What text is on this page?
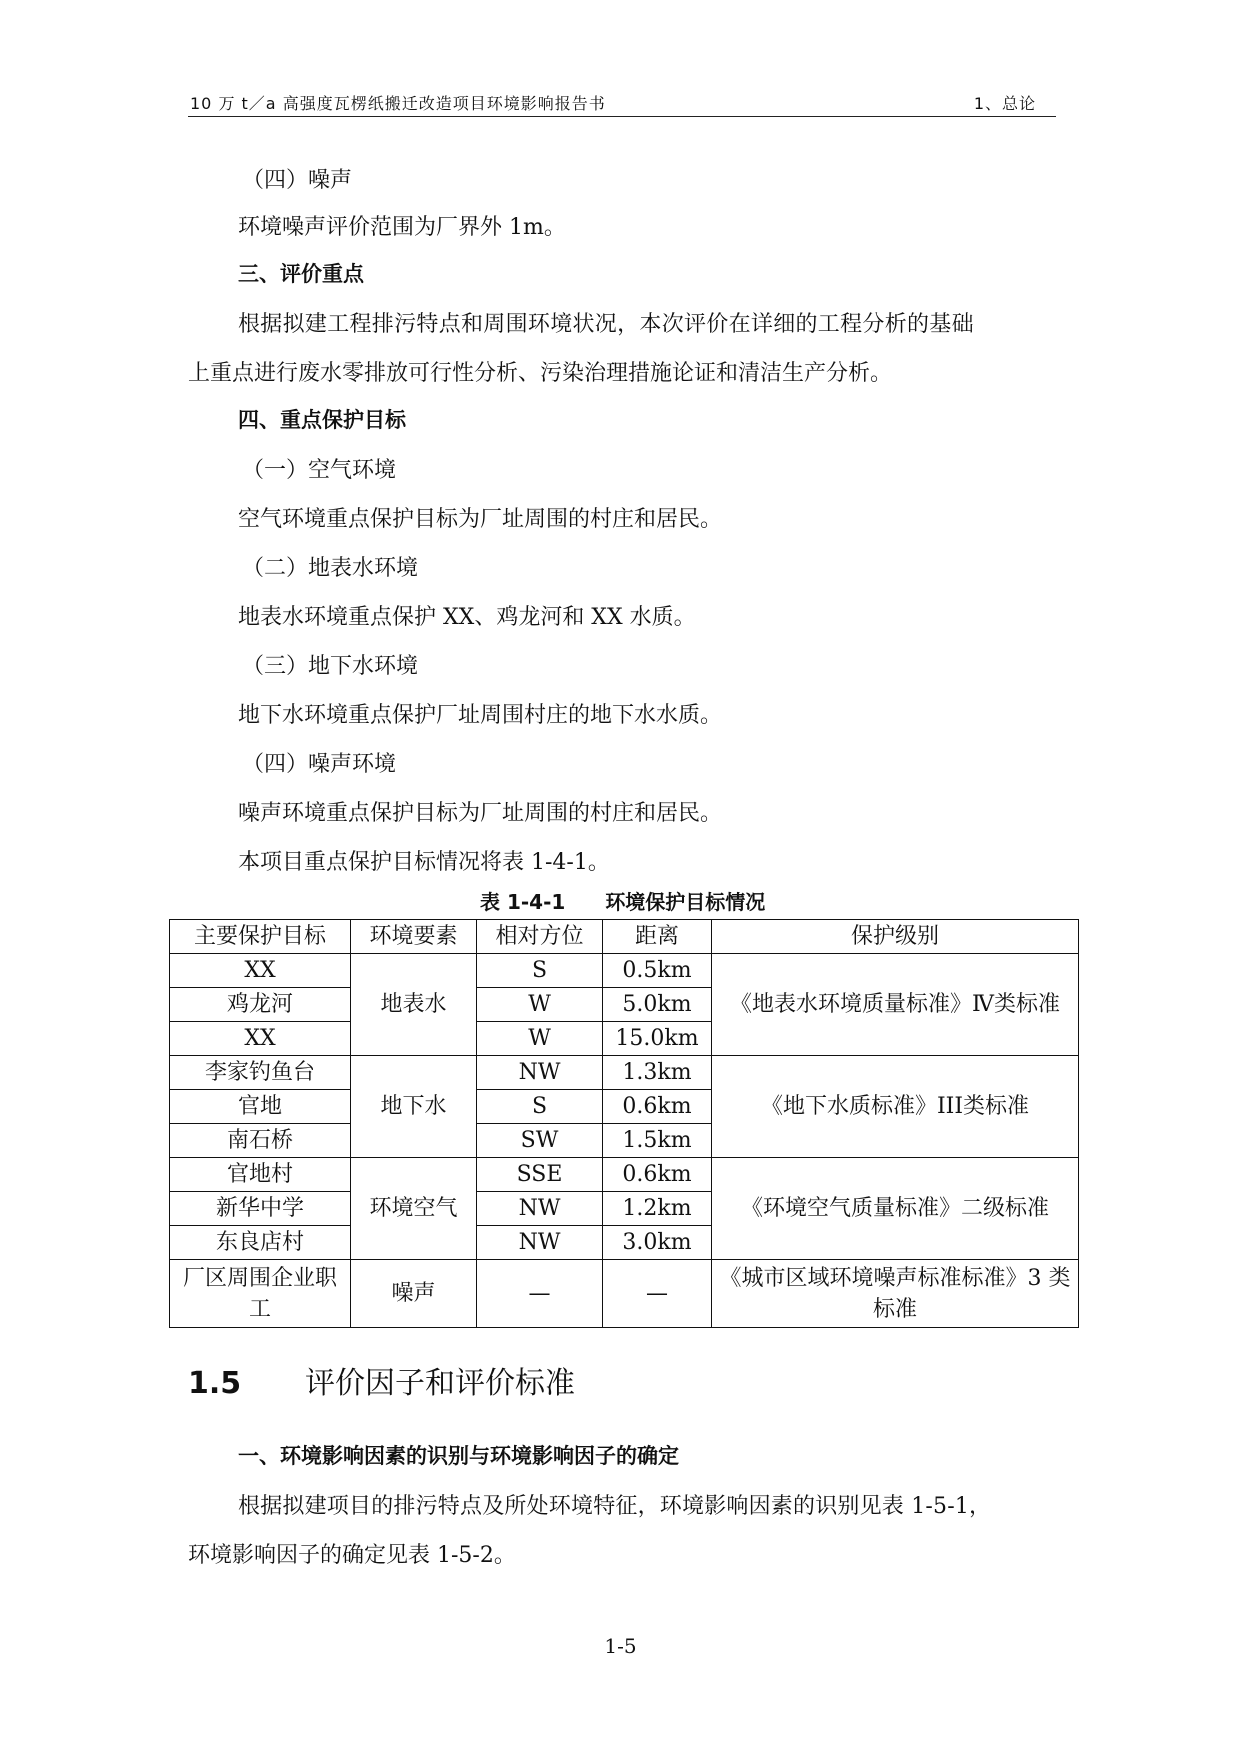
10 万 t／a 高强度瓦楞纸搬迁改造项目环境影响报告书	1、总论
（四）噪声
环境噪声评价范围为厂界外 1m。
三、评价重点
根据拟建工程排污特点和周围环境状况，本次评价在详细的工程分析的基础
上重点进行废水零排放可行性分析、污染治理措施论证和清洁生产分析。
四、重点保护目标
（一）空气环境
空气环境重点保护目标为厂址周围的村庄和居民。
（二）地表水环境
地表水环境重点保护 XX、鸡龙河和 XX 水质。
（三）地下水环境
地下水环境重点保护厂址周围村庄的地下水水质。
（四）噪声环境
噪声环境重点保护目标为厂址周围的村庄和居民。
本项目重点保护目标情况将表 1-4-1。
表 1-4-1 环境保护目标情况
主要保护目标	环境要素	相对方位	距离	保护级别
XX	地表水	S	0.5km	《地表水环境质量标准》Ⅳ类标准
鸡龙河		W	5.0km	
XX		W	15.0km	
李家钓鱼台	地下水	NW	1.3km	《地下水质标准》III类标准
官地		S	0.6km	
南石桥		SW	1.5km	
官地村	环境空气	SSE	0.6km	《环境空气质量标准》二级标准
新华中学		NW	1.2km	
东良店村		NW	3.0km	
厂区周围企业职工	噪声	—	—	《城市区域环境噪声标准标准》3 类标准
1.5 评价因子和评价标准
一、环境影响因素的识别与环境影响因子的确定
根据拟建项目的排污特点及所处环境特征，环境影响因素的识别见表 1-5-1，
环境影响因子的确定见表 1-5-2。
1-5
